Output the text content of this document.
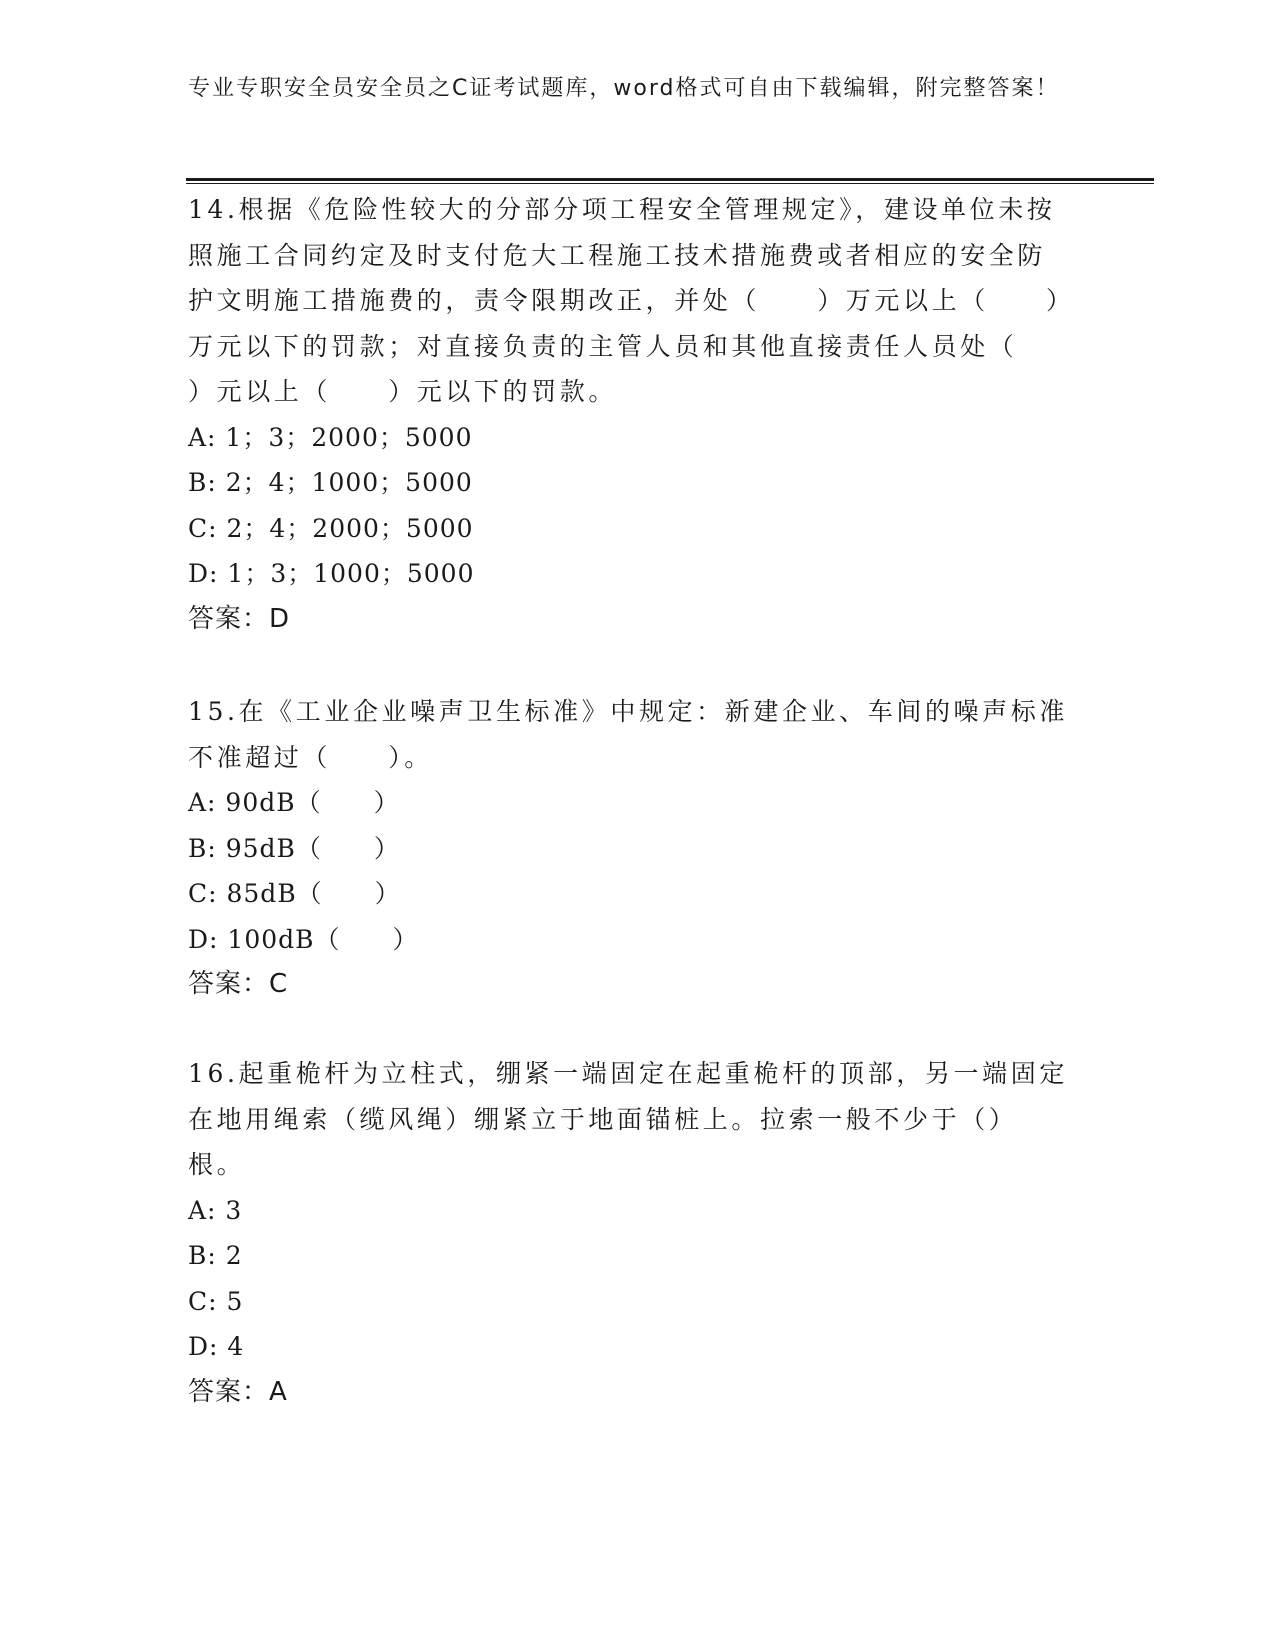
专业专职安全员安全员之C证考试题库，word格式可自由下载编辑，附完整答案！

14.根据《危险性较大的分部分项工程安全管理规定》，建设单位未按照施工合同约定及时支付危大工程施工技术措施费或者相应的安全防护文明施工措施费的，责令限期改正，并处（　　）万元以上（　　）万元以下的罚款；对直接负责的主管人员和其他直接责任人员处（　　）元以上（　　）元以下的罚款。

A: 1；3；2000；5000
B: 2；4；1000；5000
C: 2；4；2000；5000
D: 1；3；1000；5000
答案：D

15.在《工业企业噪声卫生标准》中规定：新建企业、车间的噪声标准不准超过（　　）。

A: 90dB（　　）
B: 95dB（　　）
C: 85dB（　　）
D: 100dB（　　）
答案：C

16.起重桅杆为立柱式，绷紧一端固定在起重桅杆的顶部，另一端固定在地用绳索（缆风绳）绷紧立于地面锚桩上。拉索一般不少于（）根。

A: 3
B: 2
C: 5
D: 4
答案：A
